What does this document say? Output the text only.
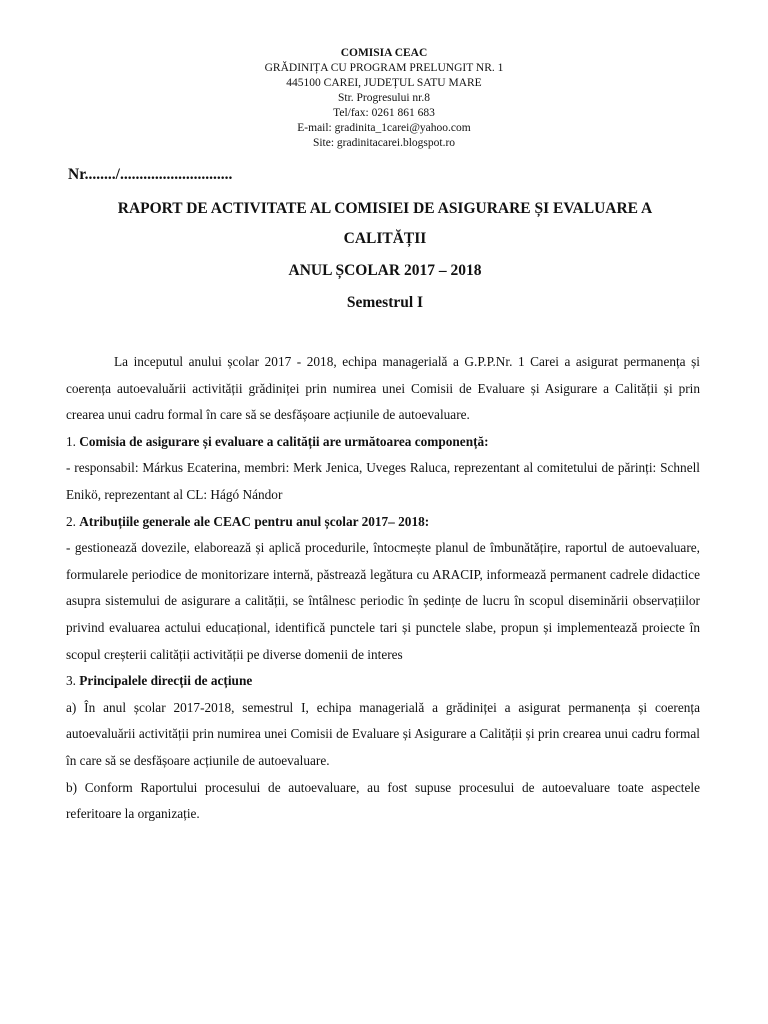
COMISIA CEAC
GRĂDINIȚA CU PROGRAM PRELUNGIT NR. 1
445100 CAREI, JUDEȚUL SATU MARE
Str. Progresului nr.8
Tel/fax: 0261 861 683
E-mail: gradinita_1carei@yahoo.com
Site: gradinitacarei.blogspot.ro
Nr......../.............................
RAPORT DE ACTIVITATE AL COMISIEI DE ASIGURARE ȘI EVALUARE A
CALITĂȚII
ANUL ȘCOLAR 2017 – 2018
Semestrul I

La inceputul anului școlar 2017 - 2018, echipa managerială a G.P.P.Nr. 1 Carei a asigurat permanența și coerența autoevaluării activității grădiniței prin numirea unei Comisii de Evaluare și Asigurare a Calității și prin crearea unui cadru formal în care să se desfășoare acțiunile de autoevaluare.

1. Comisia de asigurare și evaluare a calității are următoarea componență:

- responsabil: Márkus Ecaterina, membri: Merk Jenica, Uveges Raluca, reprezentant al comitetului de părinți: Schnell Enikö, reprezentant al CL: Hágó Nándor

2. Atribuțiile generale ale CEAC pentru anul școlar 2017– 2018:

- gestionează dovezile, elaborează și aplică procedurile, întocmește planul de îmbunătățire, raportul de autoevaluare, formularele periodice de monitorizare internă, păstrează legătura cu ARACIP, informează permanent cadrele didactice asupra sistemului de asigurare a calității, se întâlnesc periodic în ședințe de lucru în scopul diseminării observațiilor privind evaluarea actului educațional, identifică punctele tari și punctele slabe, propun și implementează proiecte în scopul creșterii calității activității pe diverse domenii de interes

3. Principalele direcții de acțiune

a) În anul școlar 2017-2018, semestrul I, echipa managerială a grădiniței a asigurat permanența și coerența autoevaluării activității prin numirea unei Comisii de Evaluare și Asigurare a Calității și prin crearea unui cadru formal în care să se desfășoare acțiunile de autoevaluare.

b) Conform Raportului procesului de autoevaluare, au fost supuse procesului de autoevaluare toate aspectele referitoare la organizație.
